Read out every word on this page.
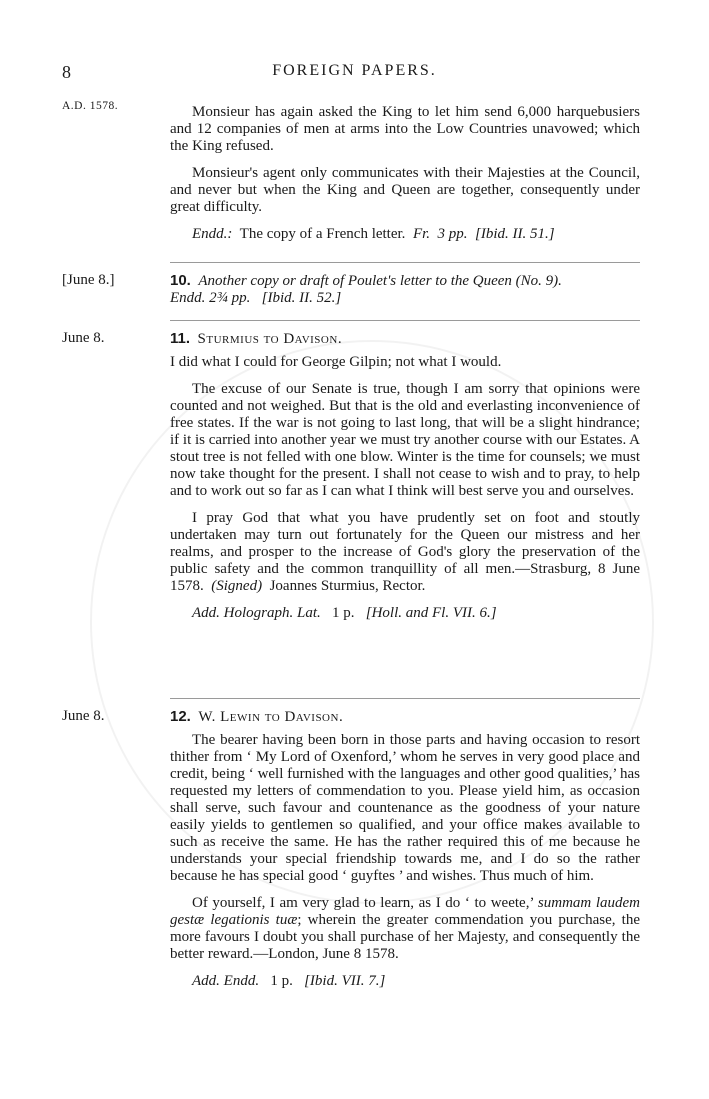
8	FOREIGN PAPERS.
A.D. 1578.	Monsieur has again asked the King to let him send 6,000 harquebusiers and 12 companies of men at arms into the Low Countries unavowed; which the King refused.

Monsieur's agent only communicates with their Majesties at the Council, and never but when the King and Queen are together, consequently under great difficulty.

Endd.: The copy of a French letter. Fr. 3 pp. [Ibid. II. 51.]

[June 8.]	10. Another copy or draft of Poulet's letter to the Queen (No. 9).

Endd. 2¾ pp. [Ibid. II. 52.]

June 8.	11. Sturmius to Davison.

I did what I could for George Gilpin; not what I would.

The excuse of our Senate is true, though I am sorry that opinions were counted and not weighed. But that is the old and everlasting inconvenience of free states. If the war is not going to last long, that will be a slight hindrance; if it is carried into another year we must try another course with our Estates. A stout tree is not felled with one blow. Winter is the time for counsels; we must now take thought for the present. I shall not cease to wish and to pray, to help and to work out so far as I can what I think will best serve you and ourselves.

I pray God that what you have prudently set on foot and stoutly undertaken may turn out fortunately for the Queen our mistress and her realms, and prosper to the increase of God's glory the preservation of the public safety and the common tranquillity of all men.—Strasburg, 8 June 1578. (Signed) Joannes Sturmius, Rector.

Add. Holograph. Lat. 1 p. [Holl. and Fl. VII. 6.]

June 8.	12. W. Lewin to Davison.

The bearer having been born in those parts and having occasion to resort thither from ‘ My Lord of Oxenford,’ whom he serves in very good place and credit, being ‘ well furnished with the languages and other good qualities,’ has requested my letters of commendation to you. Please yield him, as occasion shall serve, such favour and countenance as the goodness of your nature easily yields to gentlemen so qualified, and your office makes available to such as receive the same. He has the rather required this of me because he understands your special friendship towards me, and I do so the rather because he has special good ‘ guyftes ’ and wishes. Thus much of him.

Of yourself, I am very glad to learn, as I do ‘ to weete,’ summam laudem gestæ legationis tuæ; wherein the greater commendation you purchase, the more favours I doubt you shall purchase of her Majesty, and consequently the better reward.—London, June 8 1578.

Add. Endd. 1 p. [Ibid. VII. 7.]
